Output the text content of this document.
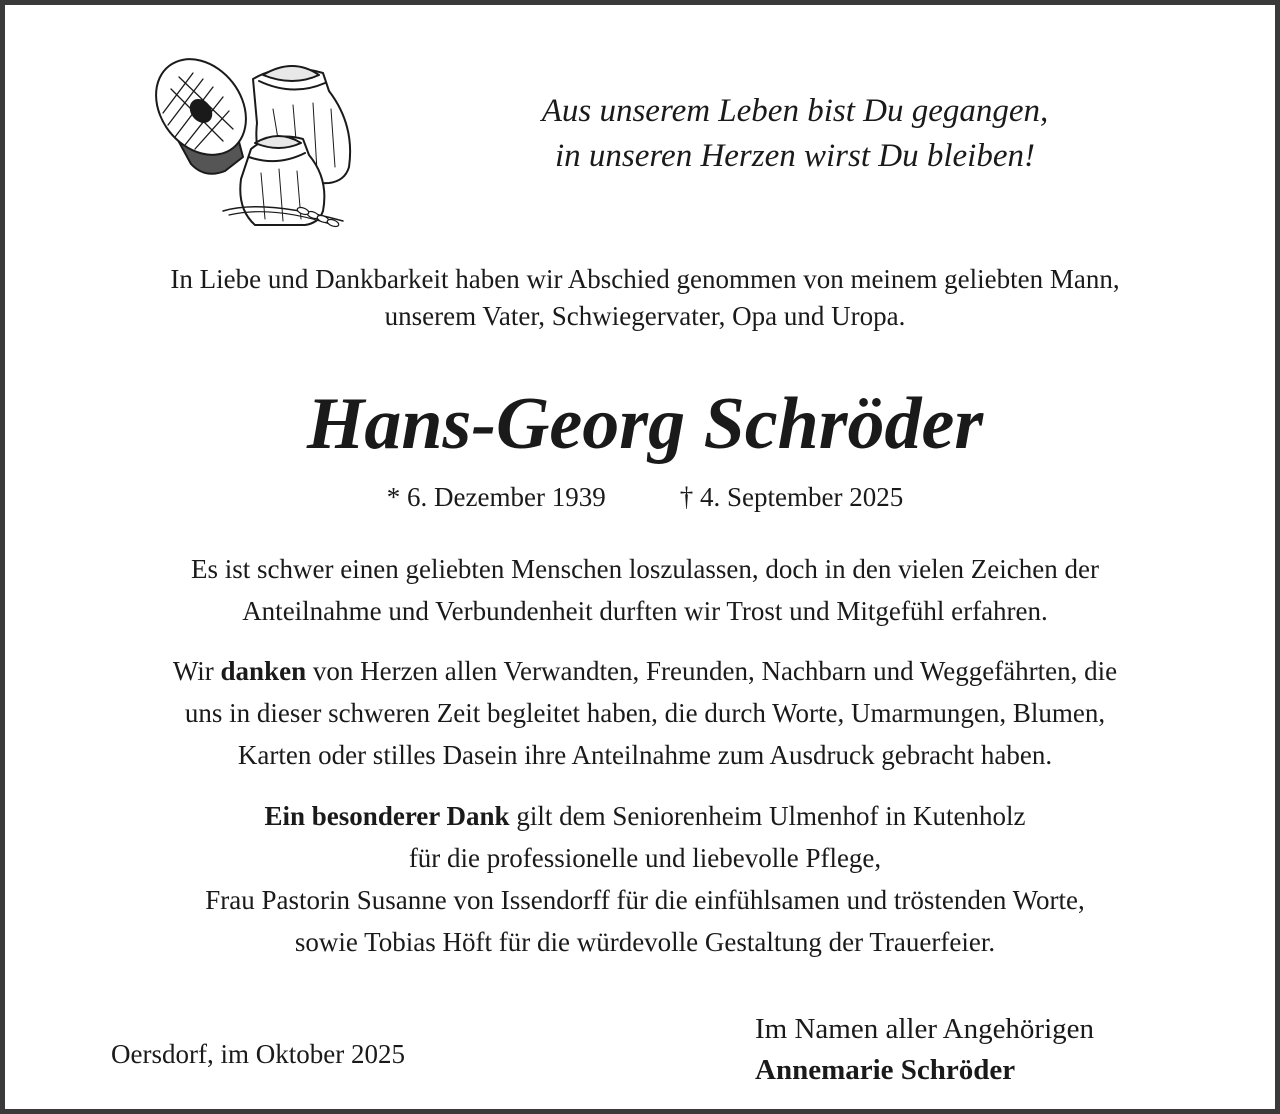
Aus unserem Leben bist Du gegangen,
in unseren Herzen wirst Du bleiben!
In Liebe und Dankbarkeit haben wir Abschied genommen von meinem geliebten Mann,
unserem Vater, Schwiegervater, Opa und Uropa.
Hans-Georg Schröder
* 6. Dezember 1939	† 4. September 2025
Es ist schwer einen geliebten Menschen loszulassen, doch in den vielen Zeichen der
Anteilnahme und Verbundenheit durften wir Trost und Mitgefühl erfahren.
Wir danken von Herzen allen Verwandten, Freunden, Nachbarn und Weggefährten, die
uns in dieser schweren Zeit begleitet haben, die durch Worte, Umarmungen, Blumen,
Karten oder stilles Dasein ihre Anteilnahme zum Ausdruck gebracht haben.
Ein besonderer Dank gilt dem Seniorenheim Ulmenhof in Kutenholz
für die professionelle und liebevolle Pflege,
Frau Pastorin Susanne von Issendorff für die einfühlsamen und tröstenden Worte,
sowie Tobias Höft für die würdevolle Gestaltung der Trauerfeier.
Oersdorf, im Oktober 2025
Im Namen aller Angehörigen
Annemarie Schröder
